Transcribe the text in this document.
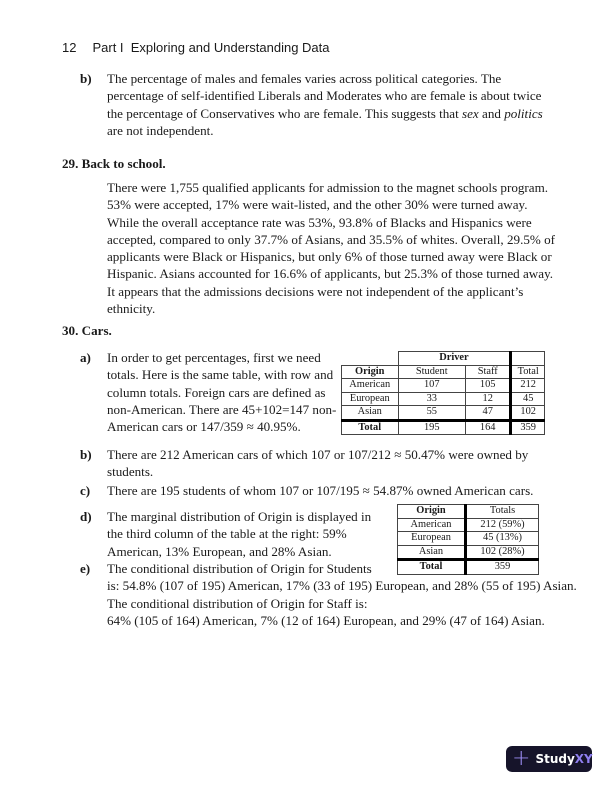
12 Part I  Exploring and Understanding Data
b) The percentage of males and females varies across political categories. The percentage of self-identified Liberals and Moderates who are female is about twice the percentage of Conservatives who are female. This suggests that sex and politics are not independent.
29. Back to school.
There were 1,755 qualified applicants for admission to the magnet schools program. 53% were accepted, 17% were wait-listed, and the other 30% were turned away. While the overall acceptance rate was 53%, 93.8% of Blacks and Hispanics were accepted, compared to only 37.7% of Asians, and 35.5% of whites. Overall, 29.5% of applicants were Black or Hispanics, but only 6% of those turned away were Black or Hispanic. Asians accounted for 16.6% of applicants, but 25.3% of those turned away. It appears that the admissions decisions were not independent of the applicant’s ethnicity.
30. Cars.
a) In order to get percentages, first we need totals. Here is the same table, with row and column totals. Foreign cars are defined as non-American. There are 45+102=147 non-American cars or 147/359 ≈ 40.95%.
	Driver		
Origin	Student	Staff	Total
American	107	105	212
European	33	12	45
Asian	55	47	102
Total	195	164	359
b) There are 212 American cars of which 107 or 107/212 ≈ 50.47% were owned by students.
c) There are 195 students of whom 107 or 107/195 ≈ 54.87% owned American cars.
d) The marginal distribution of Origin is displayed in the third column of the table at the right: 59% American, 13% European, and 28% Asian.
Origin	Totals
American	212 (59%)
European	45 (13%)
Asian	102 (28%)
Total	359
e) The conditional distribution of Origin for Students
is: 54.8% (107 of 195) American, 17% (33 of 195) European, and 28% (55 of 195) Asian.
The conditional distribution of Origin for Staff is:
64% (105 of 164) American, 7% (12 of 164) European, and 29% (47 of 164) Asian.
+ StudyXY
